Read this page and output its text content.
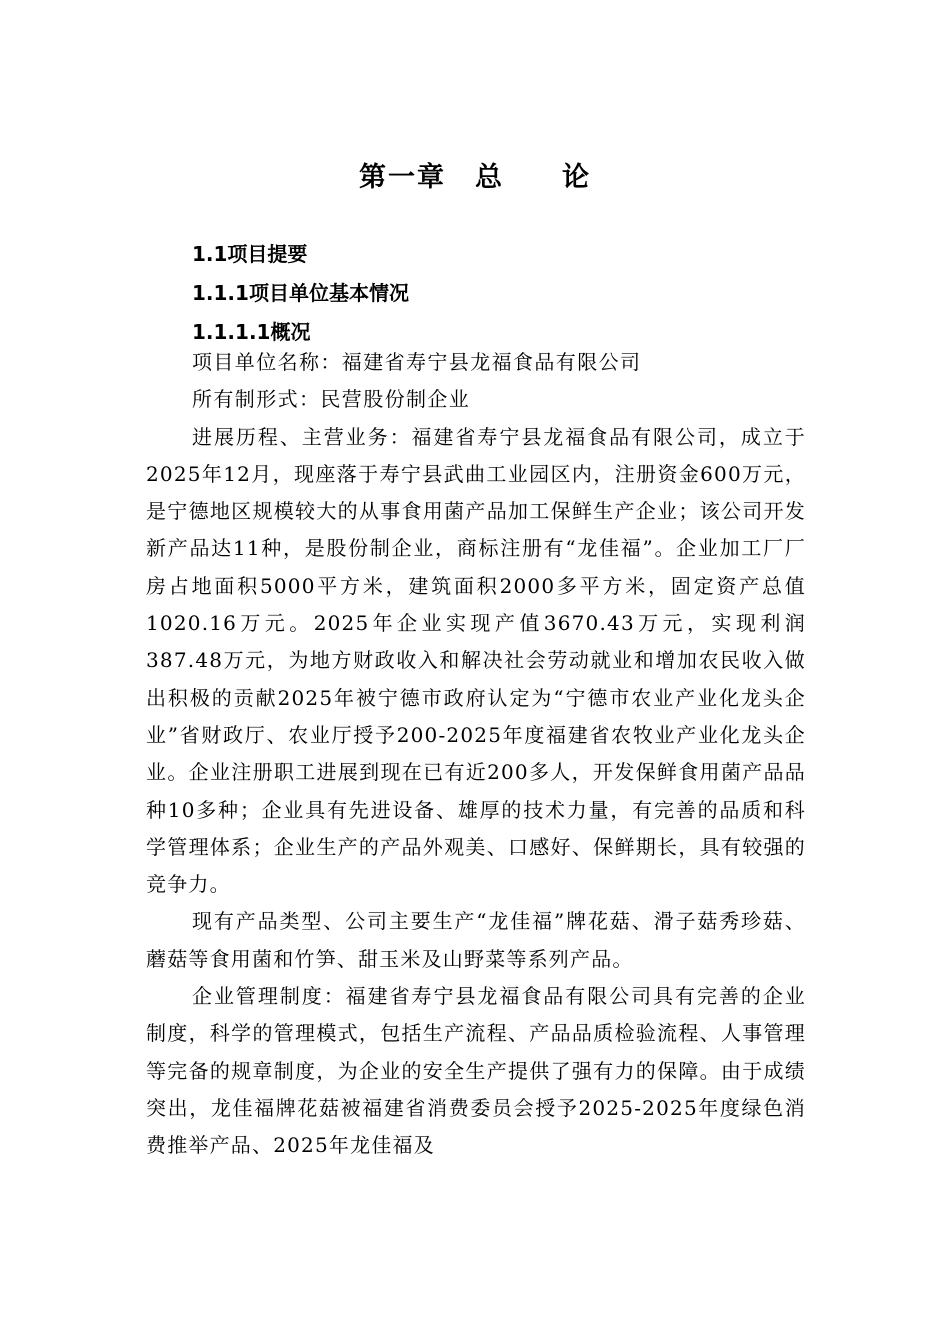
第一章　总　　论
1.1项目提要
1.1.1项目单位基本情况
1.1.1.1概况

项目单位名称：福建省寿宁县龙福食品有限公司

所有制形式：民营股份制企业

进展历程、主营业务：福建省寿宁县龙福食品有限公司，成立于2025年12月，现座落于寿宁县武曲工业园区内，注册资金600万元，是宁德地区规模较大的从事食用菌产品加工保鲜生产企业；该公司开发新产品达11种，是股份制企业，商标注册有“龙佳福”。企业加工厂厂房占地面积5000平方米，建筑面积2000多平方米，固定资产总值1020.16万元。2025年企业实现产值3670.43万元，实现利润387.48万元，为地方财政收入和解决社会劳动就业和增加农民收入做出积极的贡献2025年被宁德市政府认定为“宁德市农业产业化龙头企业”省财政厅、农业厅授予200-2025年度福建省农牧业产业化龙头企业。企业注册职工进展到现在已有近200多人，开发保鲜食用菌产品品种10多种；企业具有先进设备、雄厚的技术力量，有完善的品质和科学管理体系；企业生产的产品外观美、口感好、保鲜期长，具有较强的竞争力。

现有产品类型、公司主要生产“龙佳福”牌花菇、滑子菇秀珍菇、蘑菇等食用菌和竹笋、甜玉米及山野菜等系列产品。

企业管理制度：福建省寿宁县龙福食品有限公司具有完善的企业制度，科学的管理模式，包括生产流程、产品品质检验流程、人事管理等完备的规章制度，为企业的安全生产提供了强有力的保障。由于成绩突出，龙佳福牌花菇被福建省消费委员会授予2025-2025年度绿色消费推举产品、2025年龙佳福及
